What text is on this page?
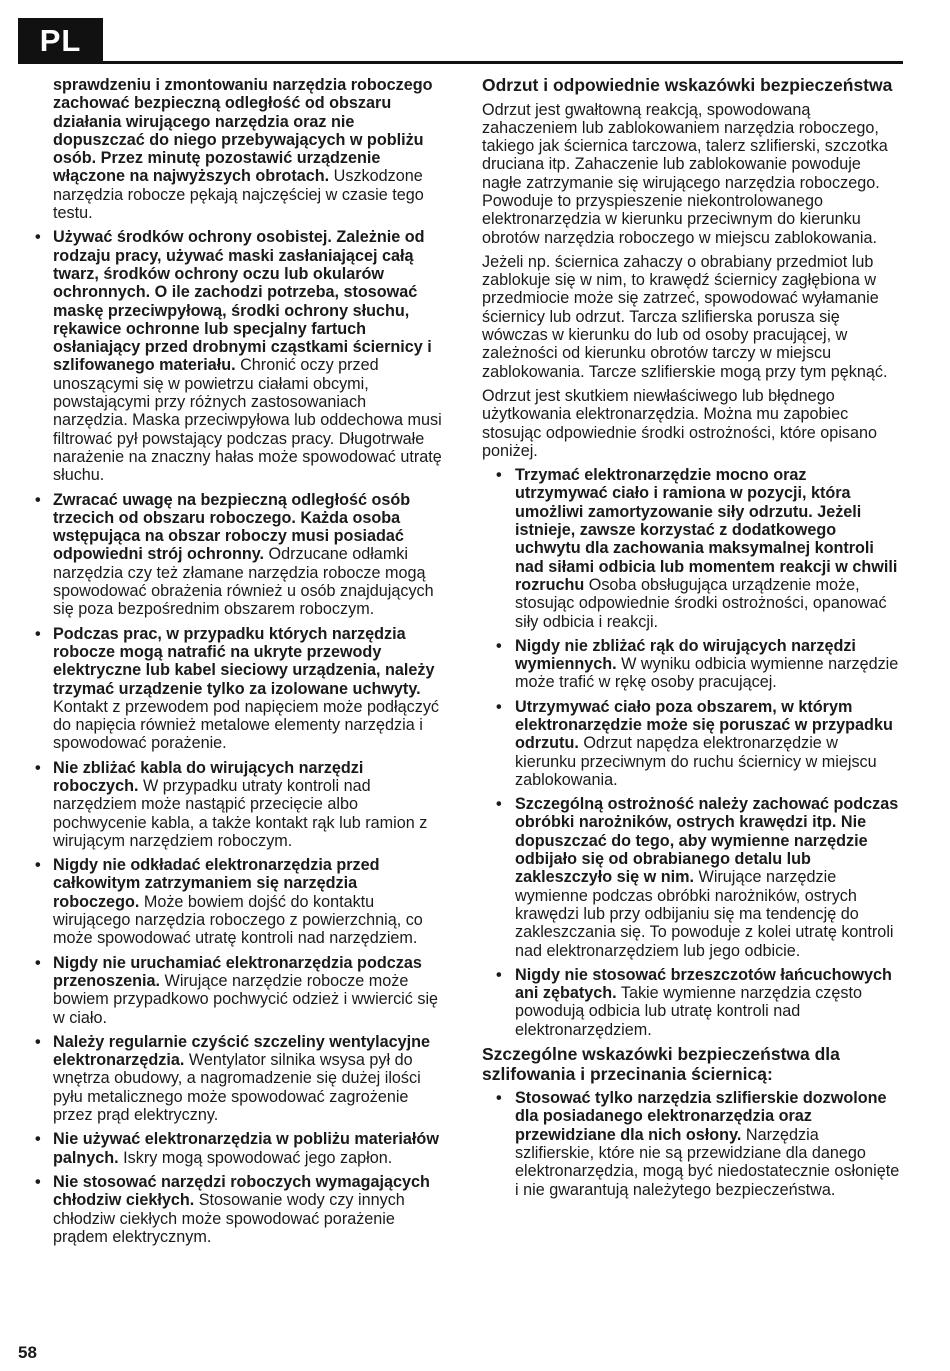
PL
sprawdzeniu i zmontowaniu narzędzia roboczego zachować bezpieczną odległość od obszaru działania wirującego narzędzia oraz nie dopuszczać do niego przebywających w pobliżu osób. Przez minutę pozostawić urządzenie włączone na najwyższych obrotach. Uszkodzone narzędzia robocze pękają najczęściej w czasie tego testu.
• Używać środków ochrony osobistej. Zależnie od rodzaju pracy, używać maski zasłaniającej całą twarz, środków ochrony oczu lub okularów ochronnych. O ile zachodzi potrzeba, stosować maskę przeciwpyłową, środki ochrony słuchu, rękawice ochronne lub specjalny fartuch osłaniający przed drobnymi cząstkami ściernicy i szlifowanego materiału. Chronić oczy przed unoszącymi się w powietrzu ciałami obcymi, powstającymi przy różnych zastosowaniach narzędzia. Maska przeciwpyłowa lub oddechowa musi filtrować pył powstający podczas pracy. Długotrwałe narażenie na znaczny hałas może spowodować utratę słuchu.
• Zwracać uwagę na bezpieczną odległość osób trzecich od obszaru roboczego. Każda osoba wstępująca na obszar roboczy musi posiadać odpowiedni strój ochronny. Odrzucane odłamki narzędzia czy też złamane narzędzia robocze mogą spowodować obrażenia również u osób znajdujących się poza bezpośrednim obszarem roboczym.
• Podczas prac, w przypadku których narzędzia robocze mogą natrafić na ukryte przewody elektryczne lub kabel sieciowy urządzenia, należy trzymać urządzenie tylko za izolowane uchwyty. Kontakt z przewodem pod napięciem może podłączyć do napięcia również metalowe elementy narzędzia i spowodować porażenie.
• Nie zbliżać kabla do wirujących narzędzi roboczych. W przypadku utraty kontroli nad narzędziem może nastąpić przecięcie albo pochwycenie kabla, a także kontakt rąk lub ramion z wirującym narzędziem roboczym.
• Nigdy nie odkładać elektronarzędzia przed całkowitym zatrzymaniem się narzędzia roboczego. Może bowiem dojść do kontaktu wirującego narzędzia roboczego z powierzchnią, co może spowodować utratę kontroli nad narzędziem.
• Nigdy nie uruchamiać elektronarzędzia podczas przenoszenia. Wirujące narzędzie robocze może bowiem przypadkowo pochwycić odzież i wwiercić się w ciało.
• Należy regularnie czyścić szczeliny wentylacyjne elektronarzędzia. Wentylator silnika wsysa pył do wnętrza obudowy, a nagromadzenie się dużej ilości pyłu metalicznego może spowodować zagrożenie przez prąd elektryczny.
• Nie używać elektronarzędzia w pobliżu materiałów palnych. Iskry mogą spowodować jego zapłon.
• Nie stosować narzędzi roboczych wymagających chłodziw ciekłych. Stosowanie wody czy innych chłodziw ciekłych może spowodować porażenie prądem elektrycznym.
Odrzut i odpowiednie wskazówki bezpieczeństwa
Odrzut jest gwałtowną reakcją, spowodowaną zahaczeniem lub zablokowaniem narzędzia roboczego, takiego jak ściernica tarczowa, talerz szlifierski, szczotka druciana itp. Zahaczenie lub zablokowanie powoduje nagłe zatrzymanie się wirującego narzędzia roboczego. Powoduje to przyspieszenie niekontrolowanego elektronarzędzia w kierunku przeciwnym do kierunku obrotów narzędzia roboczego w miejscu zablokowania.
Jeżeli np. ściernica zahaczy o obrabiany przedmiot lub zablokuje się w nim, to krawędź ściernicy zagłębiona w przedmiocie może się zatrzeć, spowodować wyłamanie ściernicy lub odrzut. Tarcza szlifierska porusza się wówczas w kierunku do lub od osoby pracującej, w zależności od kierunku obrotów tarczy w miejscu zablokowania. Tarcze szlifierskie mogą przy tym pęknąć.
Odrzut jest skutkiem niewłaściwego lub błędnego użytkowania elektronarzędzia. Można mu zapobiec stosując odpowiednie środki ostrożności, które opisano poniżej.
• Trzymać elektronarzędzie mocno oraz utrzymywać ciało i ramiona w pozycji, która umożliwi zamortyzowanie siły odrzutu. Jeżeli istnieje, zawsze korzystać z dodatkowego uchwytu dla zachowania maksymalnej kontroli nad siłami odbicia lub momentem reakcji w chwili rozruchu Osoba obsługująca urządzenie może, stosując odpowiednie środki ostrożności, opanować siły odbicia i reakcji.
• Nigdy nie zbliżać rąk do wirujących narzędzi wymiennych. W wyniku odbicia wymienne narzędzie może trafić w rękę osoby pracującej.
• Utrzymywać ciało poza obszarem, w którym elektronarzędzie może się poruszać w przypadku odrzutu. Odrzut napędza elektronarzędzie w kierunku przeciwnym do ruchu ściernicy w miejscu zablokowania.
• Szczególną ostrożność należy zachować podczas obróbki narożników, ostrych krawędzi itp. Nie dopuszczać do tego, aby wymienne narzędzie odbijało się od obrabianego detalu lub zakleszczyło się w nim. Wirujące narzędzie wymienne podczas obróbki narożników, ostrych krawędzi lub przy odbijaniu się ma tendencję do zakleszczania się. To powoduje z kolei utratę kontroli nad elektronarzędziem lub jego odbicie.
• Nigdy nie stosować brzeszczotów łańcuchowych ani zębatych. Takie wymienne narzędzia często powodują odbicia lub utratę kontroli nad elektronarzędziem.
Szczególne wskazówki bezpieczeństwa dla szlifowania i przecinania ściernicą:
• Stosować tylko narzędzia szlifierskie dozwolone dla posiadanego elektronarzędzia oraz przewidziane dla nich osłony. Narzędzia szlifierskie, które nie są przewidziane dla danego elektronarzędzia, mogą być niedostatecznie osłonięte i nie gwarantują należytego bezpieczeństwa.
58
